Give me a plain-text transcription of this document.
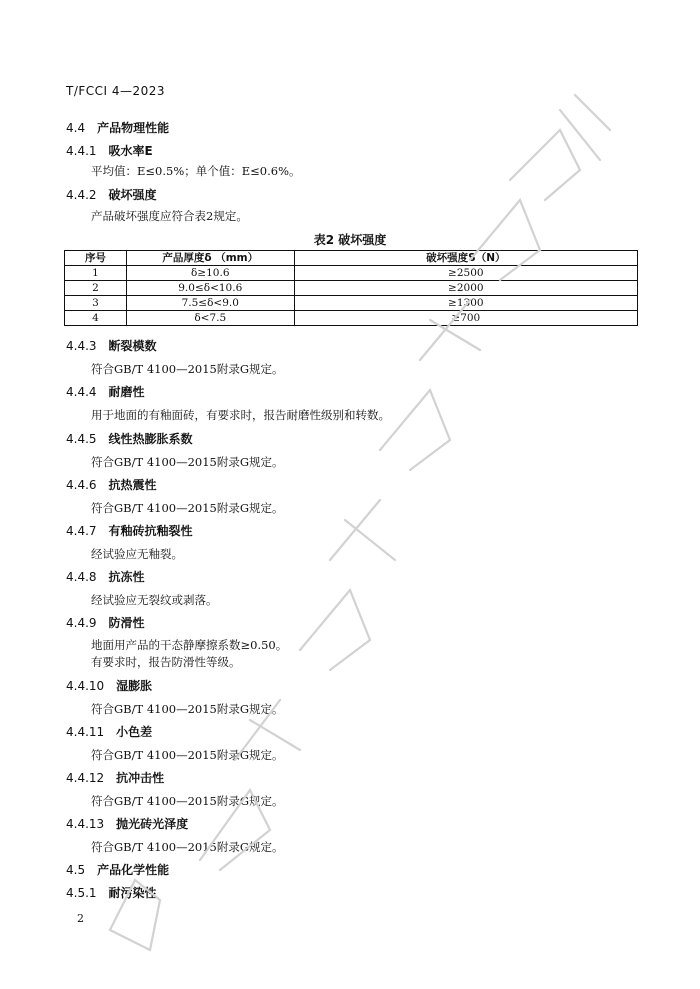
T/FCCI 4—2023
4.4  产品物理性能
4.4.1  吸水率E
4.4.2  破坏强度
4.4.3  断裂模数
4.4.4  耐磨性
4.4.5  线性热膨胀系数
4.4.6  抗热震性
4.4.7  有釉砖抗釉裂性
4.4.8  抗冻性
4.4.9  防滑性
4.4.10  湿膨胀
4.4.11  小色差
4.4.12  抗冲击性
4.4.13  抛光砖光泽度
4.5  产品化学性能
4.5.1  耐污染性
平均值：E≤0.5%；单个值：E≤0.6%。
产品破坏强度应符合表2规定。
符合GB/T 4100—2015附录G规定。
用于地面的有釉面砖，有要求时，报告耐磨性级别和转数。
符合GB/T 4100—2015附录G规定。
符合GB/T 4100—2015附录G规定。
经试验应无釉裂。
经试验应无裂纹或剥落。
地面用产品的干态静摩擦系数≥0.50。
有要求时，报告防滑性等级。
符合GB/T 4100—2015附录G规定。
符合GB/T 4100—2015附录G规定。
符合GB/T 4100—2015附录G规定。
符合GB/T 4100—2015附录G规定。
表2 破坏强度
序号	产品厚度δ （mm）	破坏强度S（N）
1	δ≥10.6	≥2500
2	9.0≤δ<10.6	≥2000
3	7.5≤δ<9.0	≥1300
4	δ<7.5	≥700
2
